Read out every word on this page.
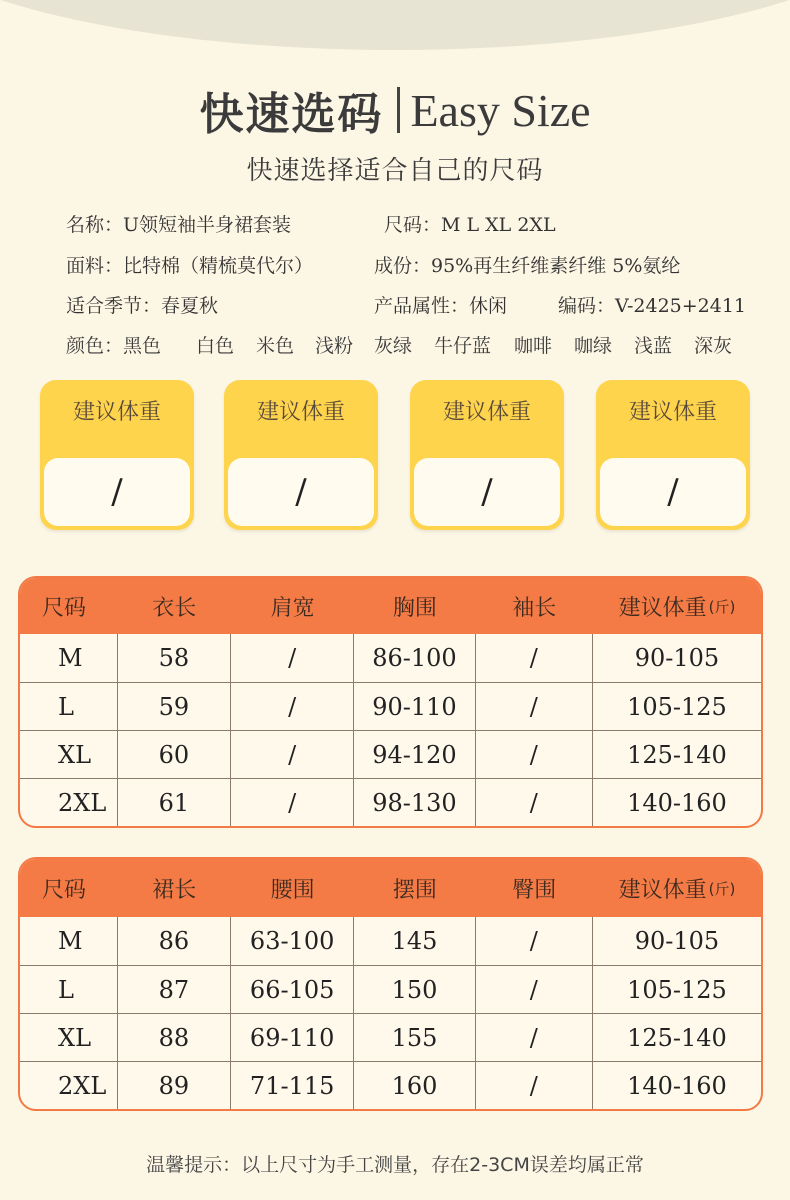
快速选码 Easy Size
快速选择适合自己的尺码
名称：U领短袖半身裙套装	尺码：M L XL 2XL
面料：比特棉（精梳莫代尔）	成份：95%再生纤维素纤维 5%氨纶
适合季节：春夏秋	产品属性：休闲	编码：V-2425+2411
颜色：黑色 白色 米色 浅粉 灰绿 牛仔蓝 咖啡 咖绿 浅蓝 深灰
建议体重
/
建议体重
/
建议体重
/
建议体重
/
尺码	衣长	肩宽	胸围	袖长	建议体重 (斤)
M	58	/	86-100	/	90-105
L	59	/	90-110	/	105-125
XL	60	/	94-120	/	125-140
2XL	61	/	98-130	/	140-160
尺码	裙长	腰围	摆围	臀围	建议体重 (斤)
M	86	63-100	145	/	90-105
L	87	66-105	150	/	105-125
XL	88	69-110	155	/	125-140
2XL	89	71-115	160	/	140-160
温馨提示：以上尺寸为手工测量，存在2-3CM误差均属正常
